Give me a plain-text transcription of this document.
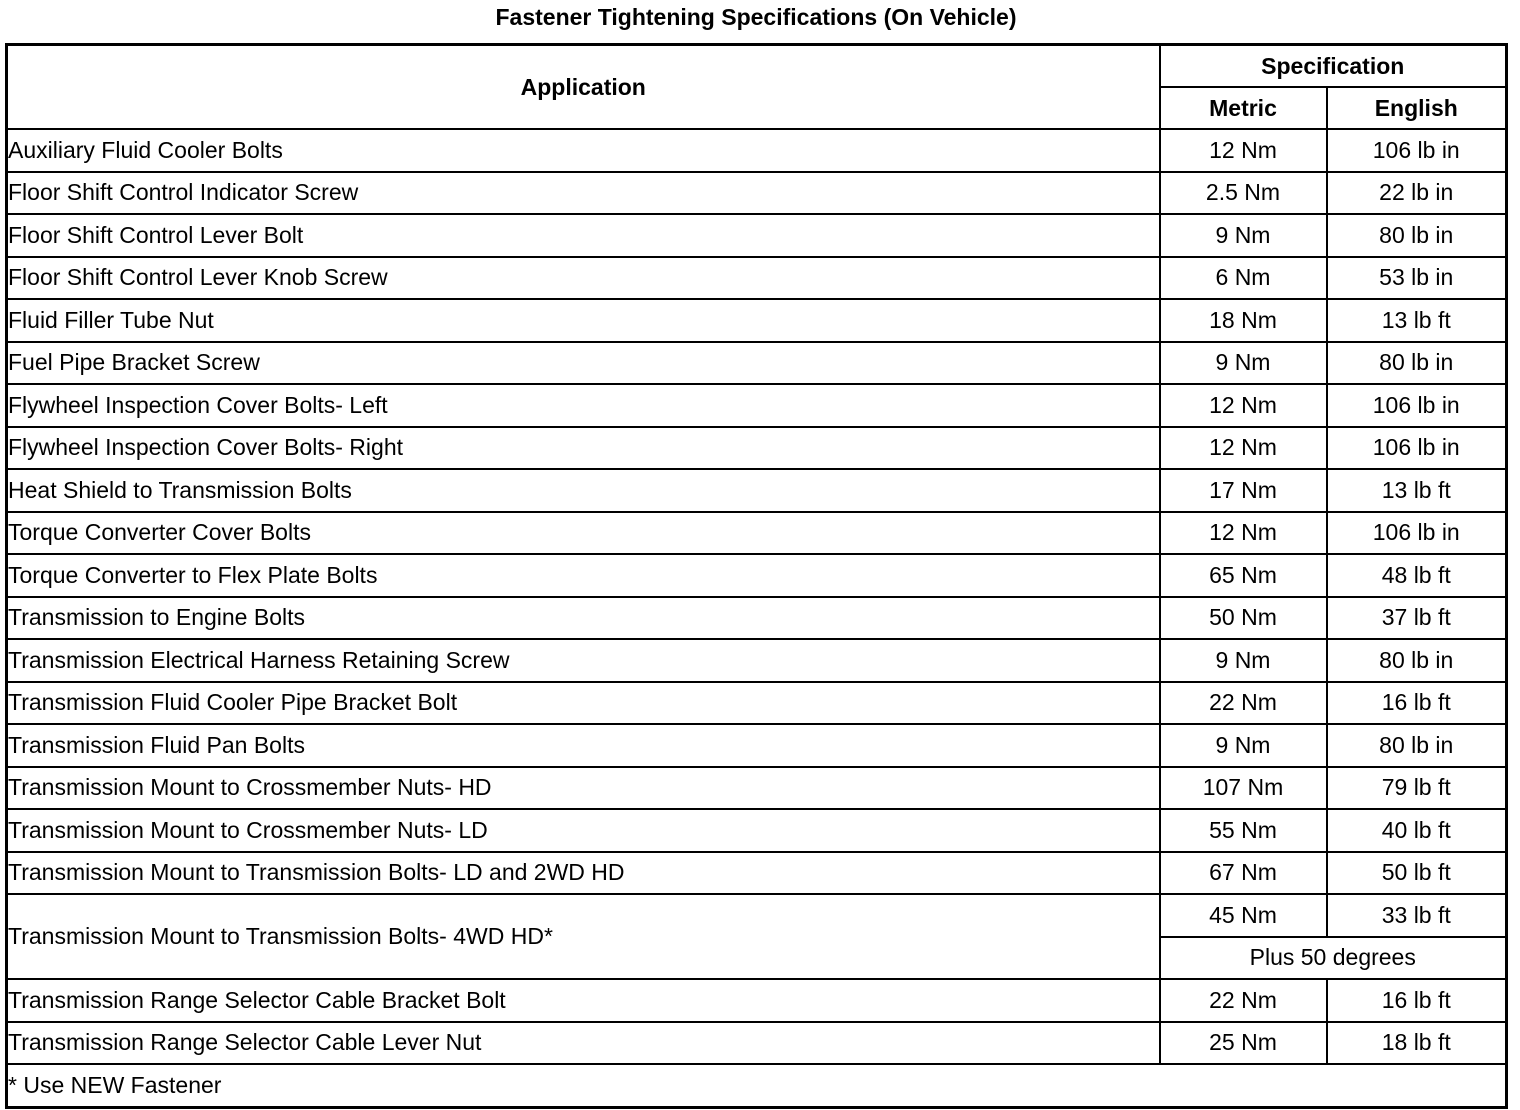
Fastener Tightening Specifications (On Vehicle)
Application	Specification	
	Metric	English
Auxiliary Fluid Cooler Bolts	12 Nm	106 lb in
Floor Shift Control Indicator Screw	2.5 Nm	22 lb in
Floor Shift Control Lever Bolt	9 Nm	80 lb in
Floor Shift Control Lever Knob Screw	6 Nm	53 lb in
Fluid Filler Tube Nut	18 Nm	13 lb ft
Fuel Pipe Bracket Screw	9 Nm	80 lb in
Flywheel Inspection Cover Bolts- Left	12 Nm	106 lb in
Flywheel Inspection Cover Bolts- Right	12 Nm	106 lb in
Heat Shield to Transmission Bolts	17 Nm	13 lb ft
Torque Converter Cover Bolts	12 Nm	106 lb in
Torque Converter to Flex Plate Bolts	65 Nm	48 lb ft
Transmission to Engine Bolts	50 Nm	37 lb ft
Transmission Electrical Harness Retaining Screw	9 Nm	80 lb in
Transmission Fluid Cooler Pipe Bracket Bolt	22 Nm	16 lb ft
Transmission Fluid Pan Bolts	9 Nm	80 lb in
Transmission Mount to Crossmember Nuts- HD	107 Nm	79 lb ft
Transmission Mount to Crossmember Nuts- LD	55 Nm	40 lb ft
Transmission Mount to Transmission Bolts- LD and 2WD HD	67 Nm	50 lb ft
Transmission Mount to Transmission Bolts- 4WD HD*	45 Nm	33 lb ft
	Plus 50 degrees	
Transmission Range Selector Cable Bracket Bolt	22 Nm	16 lb ft
Transmission Range Selector Cable Lever Nut	25 Nm	18 lb ft
* Use NEW Fastener		
